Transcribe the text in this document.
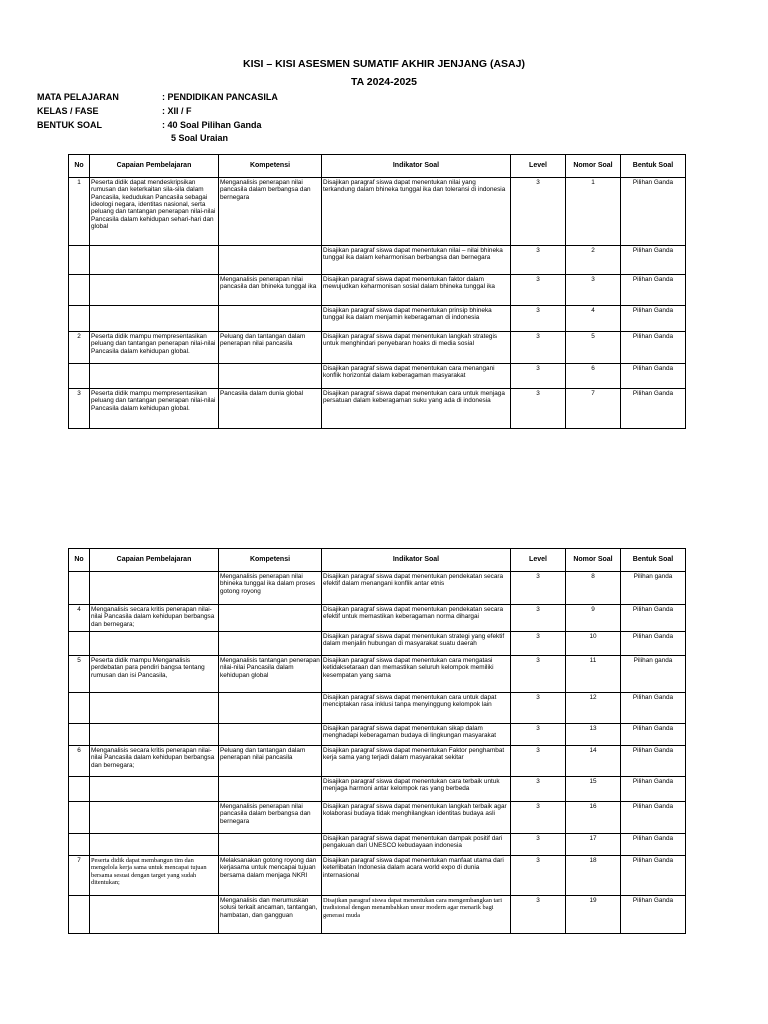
KISI – KISI ASESMEN SUMATIF AKHIR JENJANG (ASAJ)
TA 2024-2025
MATA PELAJARAN	: PENDIDIKAN PANCASILA
KELAS / FASE	: XII / F
BENTUK SOAL	: 40 Soal Pilihan Ganda
5 Soal Uraian
No	Capaian Pembelajaran	Kompetensi	Indikator Soal	Level	Nomor Soal	Bentuk Soal
1	Peserta didik dapat mendeskripsikan rumusan dan keterkaitan sila-sila dalam Pancasila, kedudukan Pancasila sebagai ideologi negara, identitas nasional, serta peluang dan tantangan penerapan nilai-nilai Pancasila dalam kehidupan sehari-hari dan global	Menganalisis penerapan nilai pancasila dalam berbangsa dan bernegara	Disajikan paragraf siswa dapat menentukan nilai yang terkandung dalam bhineka tunggal ika dan toleransi di indonesia	3	1	Pilihan Ganda
			Disajikan paragraf siswa dapat menentukan nilai – nilai bhineka tunggal ika dalam keharmonisan berbangsa dan bernegara	3	2	Pilihan Ganda
		Menganalisis penerapan nilai pancasila dan bhineka tunggal ika	Disajikan paragraf siswa dapat menentukan faktor dalam mewujudkan keharmonisan sosial dalam bhineka tunggal ika	3	3	Pilihan Ganda
			Disajikan paragraf siswa dapat menentukan prinsip bhineka tunggal ika dalam menjamin keberagaman di indonesia	3	4	Pilihan Ganda
2	Peserta didik mampu mempresentasikan peluang dan tantangan penerapan nilai-nilai Pancasila dalam kehidupan global.	Peluang dan tantangan dalam penerapan nilai pancasila	Disajikan paragraf siswa dapat menentukan langkah strategis untuk menghindari penyebaran hoaks di media sosial	3	5	Pilihan Ganda
			Disajikan paragraf siswa dapat menentukan cara menangani konflik horizontal dalam keberagaman masyarakat	3	6	Pilihan Ganda
3	Peserta didik mampu mempresentasikan peluang dan tantangan penerapan nilai-nilai Pancasila dalam kehidupan global.	Pancasila dalam dunia global	Disajikan paragraf siswa dapat menentukan cara untuk menjaga persatuan dalam keberagaman suku yang ada di indonesia	3	7	Pilihan Ganda
No	Capaian Pembelajaran	Kompetensi	Indikator Soal	Level	Nomor Soal	Bentuk Soal
		Menganalisis penerapan nilai bhineka tunggal ika dalam proses gotong royong	Disajikan paragraf siswa dapat menentukan pendekatan secara efektif dalam menangani konflik antar etnis	3	8	Pilihan ganda
4	Menganalisis secara kritis penerapan nilai-nilai Pancasila dalam kehidupan berbangsa dan bernegara;		Disajikan paragraf siswa dapat menentukan pendekatan secara efektif untuk memastikan keberagaman norma dihargai	3	9	Pilihan Ganda
			Disajikan paragraf siswa dapat menentukan strategi yang efektif dalam menjalin hubungan di masyarakat suatu daerah	3	10	Pilihan Ganda
5	Peserta didik mampu Menganalisis perdebatan para pendiri bangsa tentang rumusan dan isi Pancasila,	Menganalisis tantangan penerapan nilai-nilai Pancasila dalam kehidupan global	Disajikan paragraf siswa dapat menentukan cara mengatasi ketidaksetaraan dan memastikan seluruh kelompok memiliki kesempatan yang sama	3	11	Pilihan ganda
			Disajikan paragraf siswa dapat menentukan cara untuk dapat menciptakan rasa inklusi tanpa menyinggung kelompok lain	3	12	Pilihan Ganda
			Disajikan paragraf siswa dapat menentukan sikap dalam menghadapi keberagaman budaya di lingkungan masyarakat	3	13	Pilihan Ganda
6	Menganalisis secara kritis penerapan nilai-nilai Pancasila dalam kehidupan berbangsa dan bernegara;	Peluang dan tantangan dalam penerapan nilai pancasila	Disajikan paragraf siswa dapat menentukan Faktor penghambat kerja sama yang terjadi dalam masyarakat sekitar	3	14	Pilihan Ganda
			Disajikan paragraf siswa dapat menentukan cara terbaik untuk menjaga harmoni antar kelompok ras yang berbeda	3	15	Pilihan Ganda
		Menganalisis penerapan nilai pancasila dalam berbangsa dan bernegara	Disajikan paragraf siswa dapat menentukan langkah terbaik agar kolaborasi budaya tidak menghilangkan identitas budaya asli	3	16	Pilihan Ganda
			Disajikan paragraf siswa dapat menentukan dampak positif dari pengakuan dari UNESCO kebudayaan indonesia	3	17	Pilihan Ganda
7	Peserta didik dapat membangun tim dan mengelola kerja sama untuk mencapai tujuan bersama sesuai dengan target yang sudah ditentukan;	Melaksanakan gotong royong dan kerjasama untuk mencapai tujuan bersama dalam menjaga NKRI	Disajikan paragraf siswa dapat menentukan manfaat utama dari keterlibatan Indonesia dalam acara world expo di dunia internasional	3	18	Pilihan Ganda
		Menganalisis dan merumuskan solusi terkait ancaman, tantangan, hambatan, dan gangguan	Disajikan paragraf siswa dapat menentukan cara mengembangkan tari tradisional dengan menambahkan unsur modern agar menarik bagi generasi muda	3	19	Pilihan Ganda
